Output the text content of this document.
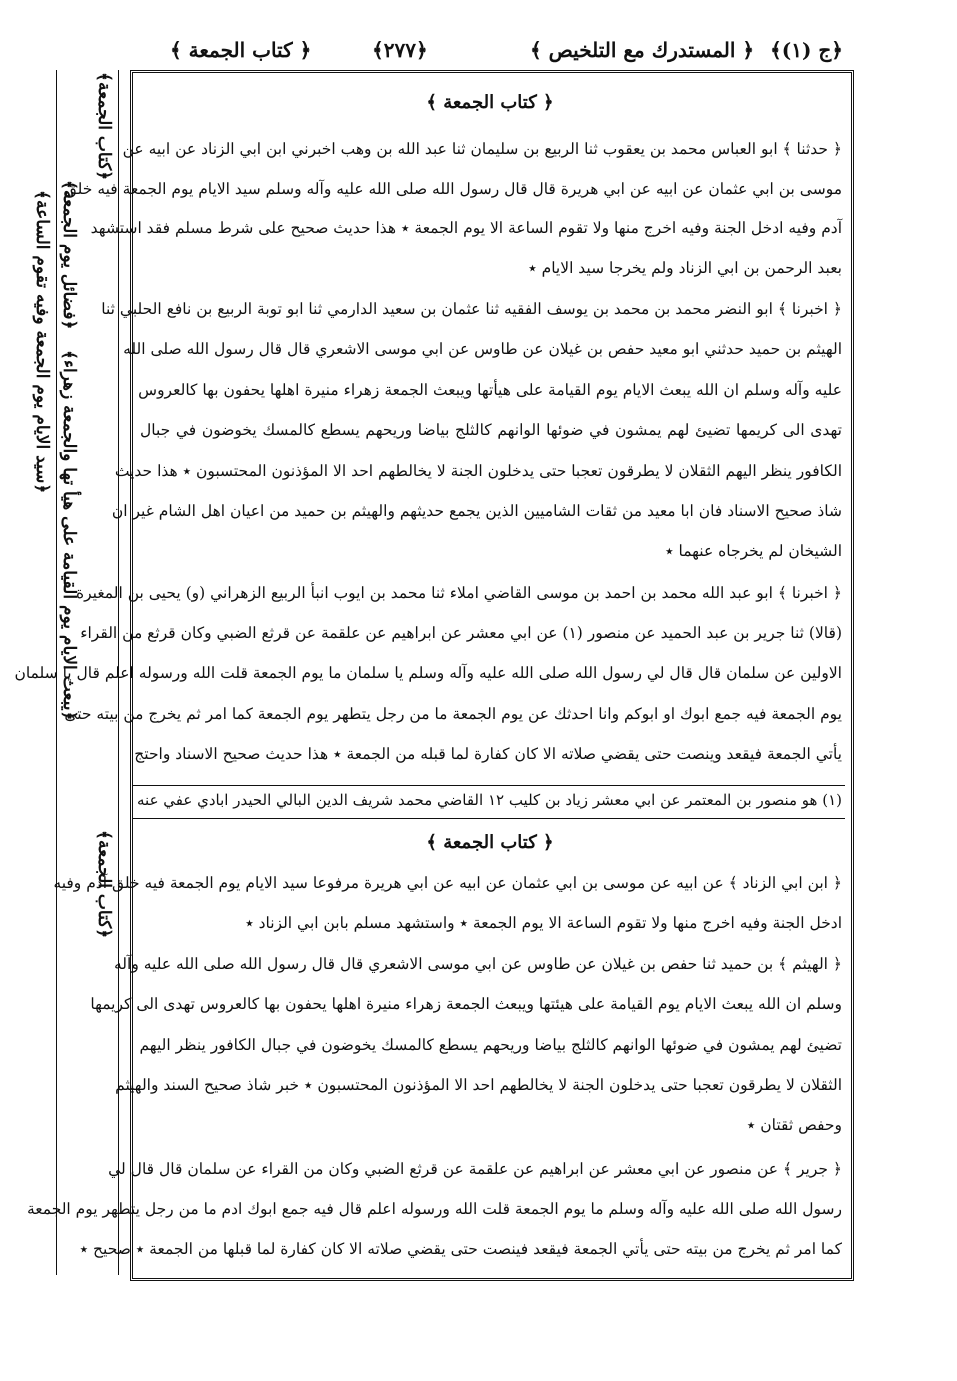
﴿ج (١)﴾
﴿ المستدرك مع التلخيص ﴾
﴿٢٧٧﴾
﴿ كتاب الجمعة ﴾
﴿كتاب الجمعة﴾
﴿كتاب الجمعة﴾
﴿فضائل يوم الجمعة﴾
﴿يبعث الايام يوم القيامة على هيأ تها والجمعة زهراء﴾
﴿سيد الايام يوم الجمعة وفيه تقوم الساعة﴾
﴿ كتاب الجمعة ﴾
﴿ حدثنا ﴾ ابو العباس محمد بن يعقوب ثنا الربيع بن سليمان ثنا عبد الله بن وهب اخبرني ابن ابي الزناد عن ابيه عن
موسى بن ابي عثمان عن ابيه عن ابي هريرة قال قال رسول الله صلى الله عليه وآله وسلم سيد الايام يوم الجمعة فيه خلق
آدم وفيه ادخل الجنة وفيه اخرج منها ولا تقوم الساعة الا يوم الجمعة ٭ هذا حديث صحيح على شرط مسلم فقد استشهد
بعبد الرحمن بن ابي الزناد ولم يخرجا سيد الايام ٭
﴿ اخبرنا ﴾ ابو النضر محمد بن محمد بن يوسف الفقيه ثنا عثمان بن سعيد الدارمي ثنا ابو توبة الربيع بن نافع الحلبي ثنا
الهيثم بن حميد حدثني ابو معيد حفص بن غيلان عن طاوس عن ابي موسى الاشعري قال قال رسول الله صلى الله
عليه وآله وسلم ان الله يبعث الايام يوم القيامة على هيأتها ويبعث الجمعة زهراء منيرة اهلها يحفون بها كالعروس
تهدى الى كريمها تضيئ لهم يمشون في ضوئها الوانهم كالثلج بياضا وريحهم يسطع كالمسك يخوضون في جبال
الكافور ينظر اليهم الثقلان لا يطرقون تعجبا حتى يدخلون الجنة لا يخالطهم احد الا المؤذنون المحتسبون ٭ هذا حديث
شاذ صحيح الاسناد فان ابا معيد من ثقات الشاميين الذين يجمع حديثهم والهيثم بن حميد من اعيان اهل الشام غير ان
الشيخان لم يخرجاه عنهما ٭
﴿ اخبرنا ﴾ ابو عبد الله محمد بن احمد بن موسى القاضي املاء ثنا محمد بن ايوب انبأ الربيع الزهراني (و) يحيى بن المغيرة
(قالا) ثنا جرير بن عبد الحميد عن منصور (١) عن ابي معشر عن ابراهيم عن علقمة عن قرثع الضبي وكان قرثع من القراء
الاولين عن سلمان قال قال لي رسول الله صلى الله عليه وآله وسلم يا سلمان ما يوم الجمعة قلت الله ورسوله اعلم قال يا سلمان
يوم الجمعة فيه جمع ابوك او ابوكم وانا احدثك عن يوم الجمعة ما من رجل يتطهر يوم الجمعة كما امر ثم يخرج من بيته حتى
يأتي الجمعة فيقعد وينصت حتى يقضي صلاته الا كان كفارة لما قبله من الجمعة ٭ هذا حديث صحيح الاسناد واحتج
(١) هو منصور بن المعتمر عن ابي معشر زياد بن كليب ١٢ القاضي محمد شريف الدين البالي الحيدر ابادي عفي عنه
﴿ كتاب الجمعة ﴾
﴿ ابن ابي الزناد ﴾ عن ابيه عن موسى بن ابي عثمان عن ابيه عن ابي هريرة مرفوعا سيد الايام يوم الجمعة فيه خلق آدم وفيه
ادخل الجنة وفيه اخرج منها ولا تقوم الساعة الا يوم الجمعة ٭ واستشهد مسلم بابن ابي الزناد ٭
﴿ الهيثم ﴾ بن حميد ثنا حفص بن غيلان عن طاوس عن ابي موسى الاشعري قال قال رسول الله صلى الله عليه وآله
وسلم ان الله يبعث الايام يوم القيامة على هيئتها ويبعث الجمعة زهراء منيرة اهلها يحفون بها كالعروس تهدى الى كريمها
تضيئ لهم يمشون في ضوئها الوانهم كالثلج بياضا وريحهم يسطع كالمسك يخوضون في جبال الكافور ينظر اليهم
الثقلان لا يطرقون تعجبا حتى يدخلون الجنة لا يخالطهم احد الا المؤذنون المحتسبون ٭ خبر شاذ صحيح السند والهيثم
وحفص ثقتان ٭
﴿ جرير ﴾ عن منصور عن ابي معشر عن ابراهيم عن علقمة عن قرثع الضبي وكان من القراء عن سلمان قال قال لي
رسول الله صلى الله عليه وآله وسلم ما يوم الجمعة قلت الله ورسوله اعلم قال فيه جمع ابوك ادم ما من رجل يتطهر يوم الجمعة
كما امر ثم يخرج من بيته حتى يأتي الجمعة فيقعد فينصت حتى يقضي صلاته الا كان كفارة لما قبلها من الجمعة ٭ صحيح ٭
